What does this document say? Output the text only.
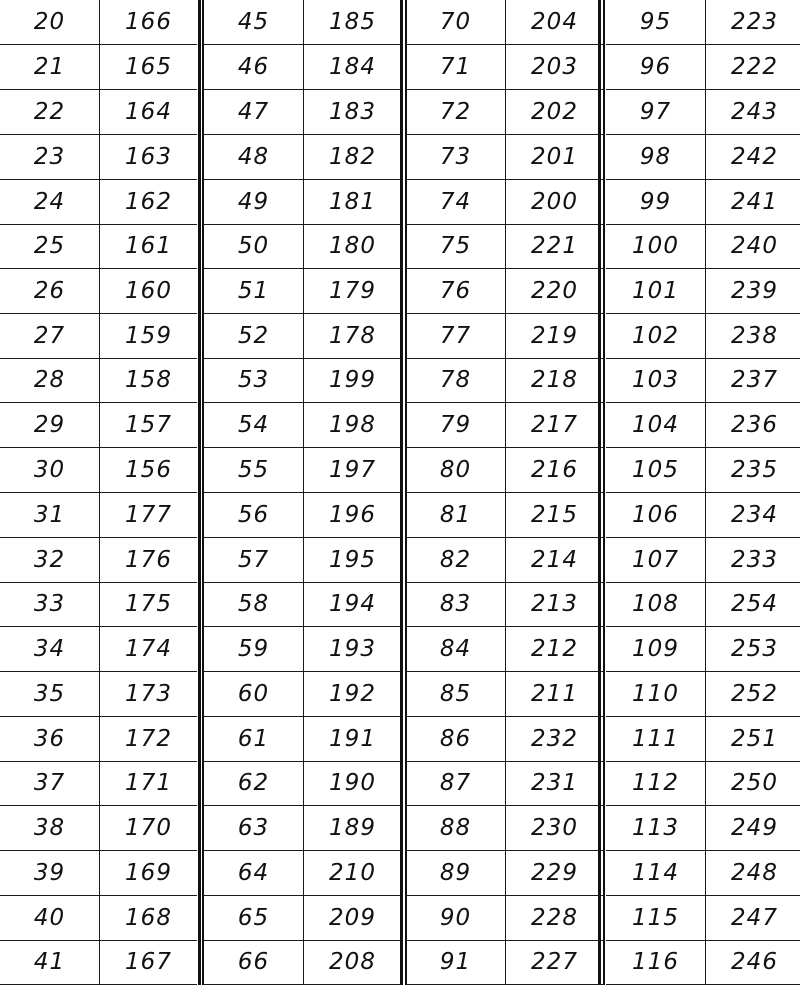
20	166
21	165
22	164
23	163
24	162
25	161
26	160
27	159
28	158
29	157
30	156
31	177
32	176
33	175
34	174
35	173
36	172
37	171
38	170
39	169
40	168
41	167
45	185
46	184
47	183
48	182
49	181
50	180
51	179
52	178
53	199
54	198
55	197
56	196
57	195
58	194
59	193
60	192
61	191
62	190
63	189
64	210
65	209
66	208
70	204
71	203
72	202
73	201
74	200
75	221
76	220
77	219
78	218
79	217
80	216
81	215
82	214
83	213
84	212
85	211
86	232
87	231
88	230
89	229
90	228
91	227
95	223
96	222
97	243
98	242
99	241
100	240
101	239
102	238
103	237
104	236
105	235
106	234
107	233
108	254
109	253
110	252
111	251
112	250
113	249
114	248
115	247
116	246
